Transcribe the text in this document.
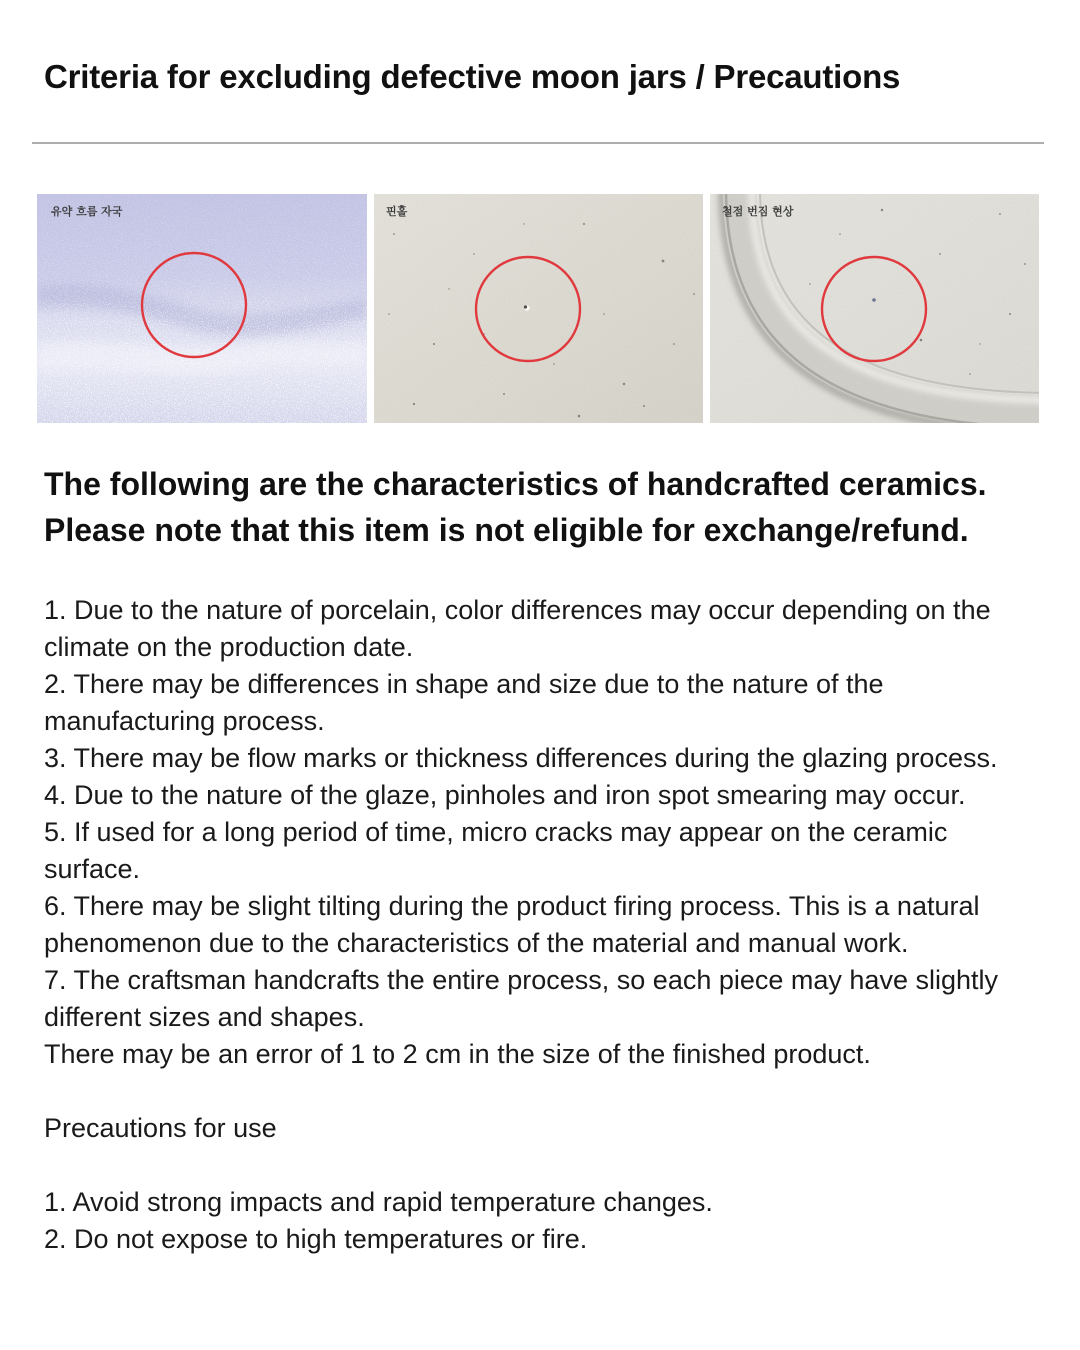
Criteria for excluding defective moon jars / Precautions
유약 흐름 자국	핀홀	철점 번짐 현상
The following are the characteristics of handcrafted ceramics.
Please note that this item is not eligible for exchange/refund.
1. Due to the nature of porcelain, color differences may occur depending on the climate on the production date.
2. There may be differences in shape and size due to the nature of the manufacturing process.
3. There may be flow marks or thickness differences during the glazing process.
4. Due to the nature of the glaze, pinholes and iron spot smearing may occur.
5. If used for a long period of time, micro cracks may appear on the ceramic surface.
6. There may be slight tilting during the product firing process. This is a natural phenomenon due to the characteristics of the material and manual work.
7. The craftsman handcrafts the entire process, so each piece may have slightly different sizes and shapes.
There may be an error of 1 to 2 cm in the size of the finished product.
Precautions for use
1. Avoid strong impacts and rapid temperature changes.
2. Do not expose to high temperatures or fire.
